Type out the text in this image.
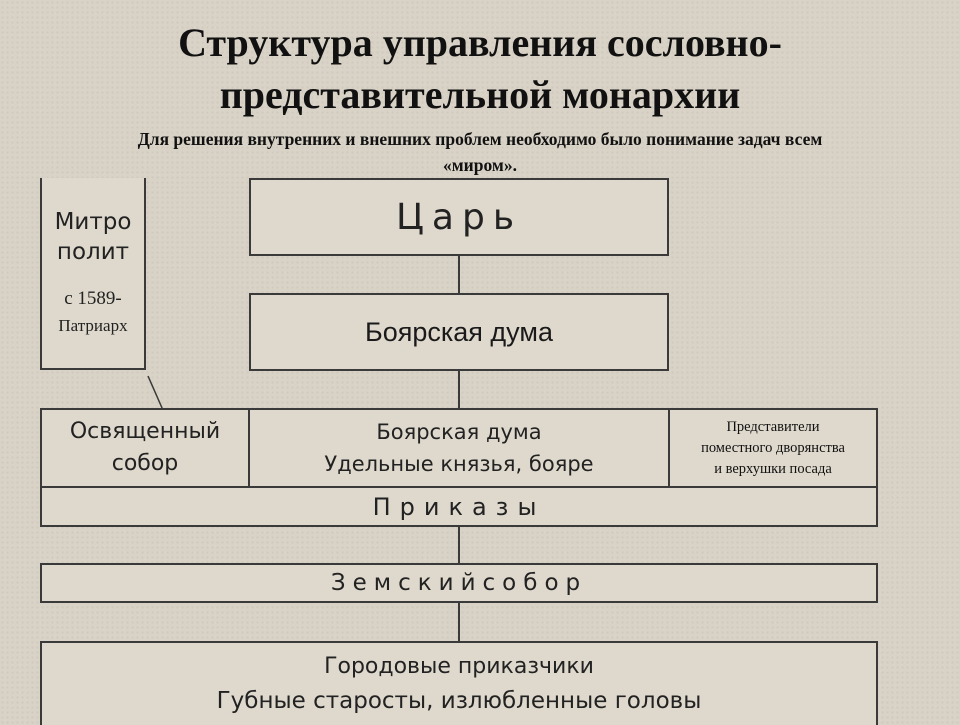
Структура управления сословно-
представительной монархии
Для решения внутренних и внешних проблем необходимо было понимание задач всем
«миром».
Митро
полит
с 1589-
Патриарх
Царь
Боярская дума
Освященный
собор
Боярская дума
Удельные князья, бояре
Представители
поместного дворянства
и верхушки посада
Приказы
Земскийсобор
Городовые приказчики
Губные старосты, излюбленные головы
